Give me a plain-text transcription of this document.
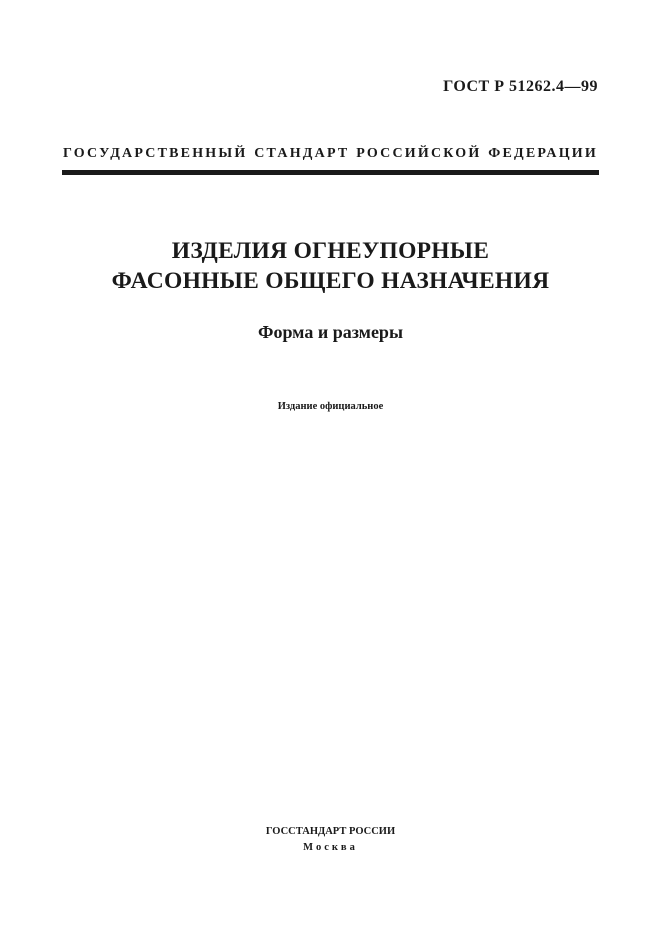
ГОСТ Р 51262.4—99
ГОСУДАРСТВЕННЫЙ СТАНДАРТ РОССИЙСКОЙ ФЕДЕРАЦИИ
ИЗДЕЛИЯ ОГНЕУПОРНЫЕ
ФАСОННЫЕ ОБЩЕГО НАЗНАЧЕНИЯ
Форма и размеры
Издание официальное
ГОССТАНДАРТ РОССИИ
Москва
